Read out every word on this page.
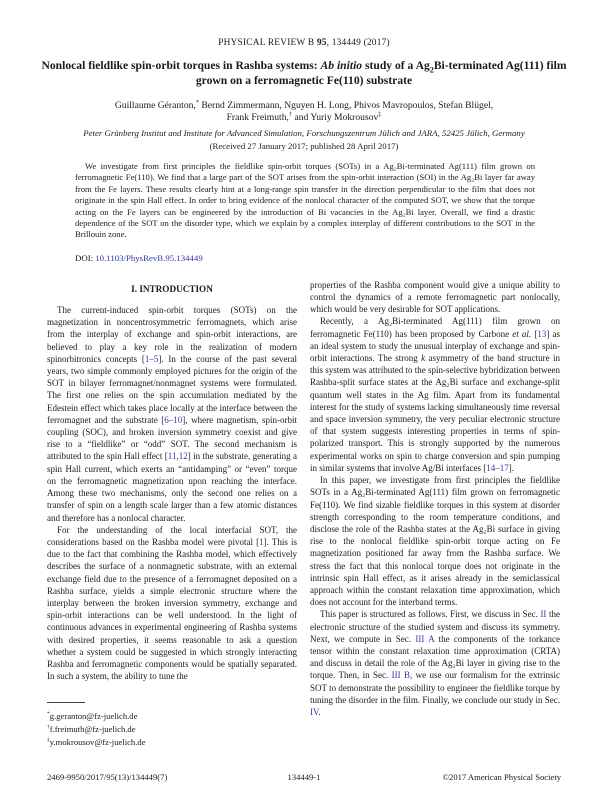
PHYSICAL REVIEW B 95, 134449 (2017)
Nonlocal fieldlike spin-orbit torques in Rashba systems: Ab initio study of a $Ag_2Bi$-terminated Ag(111) film grown on a ferromagnetic Fe(110) substrate
Guillaume Géranton,* Bernd Zimmermann, Nguyen H. Long, Phivos Mavropoulos, Stefan Blügel,
Frank Freimuth,† and Yuriy Mokrousov‡
Peter Grünberg Institut and Institute for Advanced Simulation, Forschungszentrum Jülich and JARA, 52425 Jülich, Germany
(Received 27 January 2017; published 28 April 2017)
We investigate from first principles the fieldlike spin-orbit torques (SOTs) in a Ag₂Bi-terminated Ag(111) film grown on ferromagnetic Fe(110). We find that a large part of the SOT arises from the spin-orbit interaction (SOI) in the Ag₂Bi layer far away from the Fe layers. These results clearly hint at a long-range spin transfer in the direction perpendicular to the film that does not originate in the spin Hall effect. In order to bring evidence of the nonlocal character of the computed SOT, we show that the torque acting on the Fe layers can be engineered by the introduction of Bi vacancies in the Ag₂Bi layer. Overall, we find a drastic dependence of the SOT on the disorder type, which we explain by a complex interplay of different contributions to the SOT in the Brillouin zone.
DOI: 10.1103/PhysRevB.95.134449
I. INTRODUCTION

The current-induced spin-orbit torques (SOTs) on the magnetization in noncentrosymmetric ferromagnets, which arise from the interplay of exchange and spin-orbit interactions, are believed to play a key role in the realization of modern spinorbitronics concepts [1–5]. In the course of the past several years, two simple commonly employed pictures for the origin of the SOT in bilayer ferromagnet/nonmagnet systems were formulated. The first one relies on the spin accumulation mediated by the Edestein effect which takes place locally at the interface between the ferromagnet and the substrate [6–10], where magnetism, spin-orbit coupling (SOC), and broken inversion symmetry coexist and give rise to a “fieldlike” or “odd” SOT. The second mechanism is attributed to the spin Hall effect [11,12] in the substrate, generating a spin Hall current, which exerts an “antidamping” or “even” torque on the ferromagnetic magnetization upon reaching the interface. Among these two mechanisms, only the second one relies on a transfer of spin on a length scale larger than a few atomic distances and therefore has a nonlocal character.

For the understanding of the local interfacial SOT, the considerations based on the Rashba model were pivotal [1]. This is due to the fact that combining the Rashba model, which effectively describes the surface of a nonmagnetic substrate, with an external exchange field due to the presence of a ferromagnet deposited on a Rashba surface, yields a simple electronic structure where the interplay between the broken inversion symmetry, exchange and spin-orbit interactions can be well understood. In the light of continuous advances in experimental engineering of Rashba systems with desired properties, it seems reasonable to ask a question whether a system could be suggested in which strongly interacting Rashba and ferromagnetic components would be spatially separated. In such a system, the ability to tune the

properties of the Rashba component would give a unique ability to control the dynamics of a remote ferromagnetic part nonlocally, which would be very desirable for SOT applications.

Recently, a Ag₂Bi-terminated Ag(111) film grown on ferromagnetic Fe(110) has been proposed by Carbone et al. [13] as an ideal system to study the unusual interplay of exchange and spin-orbit interactions. The strong k asymmetry of the band structure in this system was attributed to the spin-selective hybridization between Rashba-split surface states at the Ag₂Bi surface and exchange-split quantum well states in the Ag film. Apart from its fundamental interest for the study of systems lacking simultaneously time reversal and space inversion symmetry, the very peculiar electronic structure of that system suggests interesting properties in terms of spin-polarized transport. This is strongly supported by the numerous experimental works on spin to charge conversion and spin pumping in similar systems that involve Ag/Bi interfaces [14–17].

In this paper, we investigate from first principles the fieldlike SOTs in a Ag₂Bi-terminated Ag(111) film grown on ferromagnetic Fe(110). We find sizable fieldlike torques in this system at disorder strength corresponding to the room temperature conditions, and disclose the role of the Rashba states at the Ag₂Bi surface in giving rise to the nonlocal fieldlike spin-orbit torque acting on Fe magnetization positioned far away from the Rashba surface. We stress the fact that this nonlocal torque does not originate in the intrinsic spin Hall effect, as it arises already in the semiclassical approach within the constant relaxation time approximation, which does not account for the interband terms.

This paper is structured as follows. First, we discuss in Sec. II the electronic structure of the studied system and discuss its symmetry. Next, we compute in Sec. III A the components of the torkance tensor within the constant relaxation time approximation (CRTA) and discuss in detail the role of the Ag₂Bi layer in giving rise to the torque. Then, in Sec. III B, we use our formalism for the extrinsic SOT to demonstrate the possibility to engineer the fieldlike torque by tuning the disorder in the film. Finally, we conclude our study in Sec. IV.

*g.geranton@fz-juelich.de
†f.freimuth@fz-juelich.de
‡y.mokrousov@fz-juelich.de
2469-9950/2017/95(13)/134449(7)	134449-1	©2017 American Physical Society
